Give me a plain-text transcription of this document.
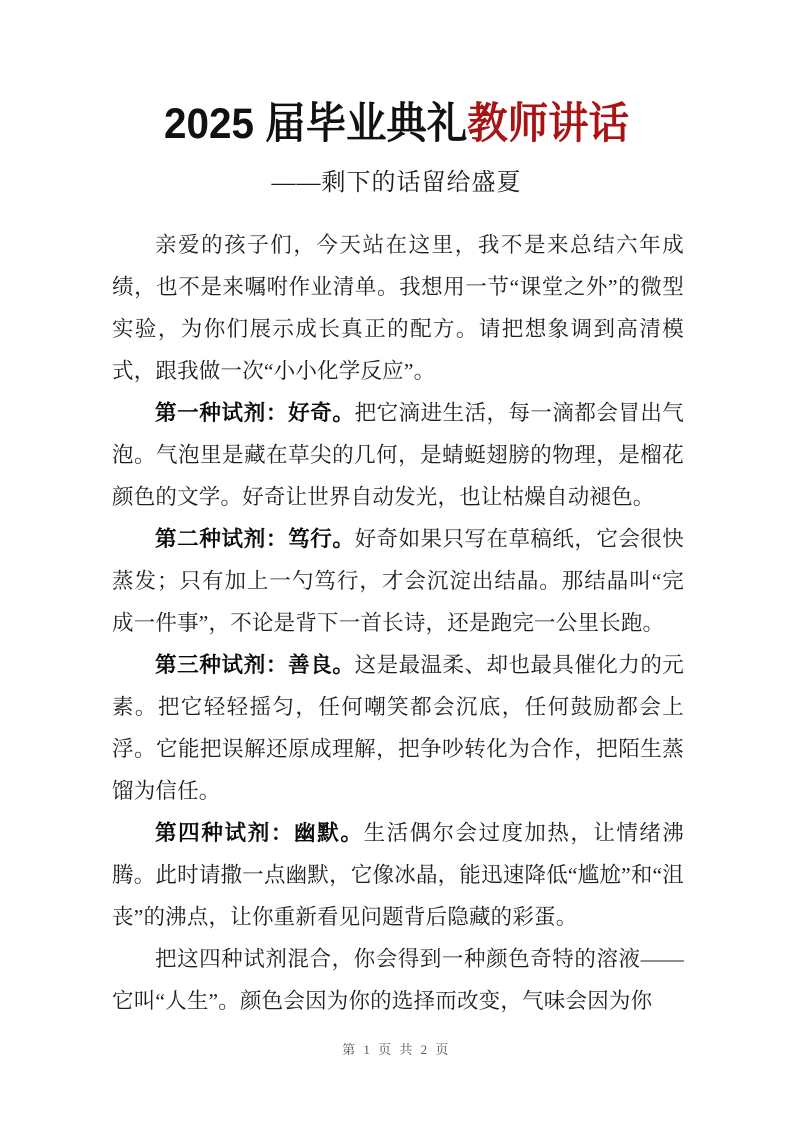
2025 届毕业典礼教师讲话
——剩下的话留给盛夏

亲爱的孩子们，今天站在这里，我不是来总结六年成绩，也不是来嘱咐作业清单。我想用一节“课堂之外”的微型实验，为你们展示成长真正的配方。请把想象调到高清模式，跟我做一次“小小化学反应”。

第一种试剂：好奇。把它滴进生活，每一滴都会冒出气泡。气泡里是藏在草尖的几何，是蜻蜓翅膀的物理，是榴花颜色的文学。好奇让世界自动发光，也让枯燥自动褪色。

第二种试剂：笃行。好奇如果只写在草稿纸，它会很快蒸发；只有加上一勺笃行，才会沉淀出结晶。那结晶叫“完成一件事”，不论是背下一首长诗，还是跑完一公里长跑。

第三种试剂：善良。这是最温柔、却也最具催化力的元素。把它轻轻摇匀，任何嘲笑都会沉底，任何鼓励都会上浮。它能把误解还原成理解，把争吵转化为合作，把陌生蒸馏为信任。

第四种试剂：幽默。生活偶尔会过度加热，让情绪沸腾。此时请撒一点幽默，它像冰晶，能迅速降低“尴尬”和“沮丧”的沸点，让你重新看见问题背后隐藏的彩蛋。

把这四种试剂混合，你会得到一种颜色奇特的溶液——它叫“人生”。颜色会因为你的选择而改变，气味会因为你

第 1 页 共 2 页
